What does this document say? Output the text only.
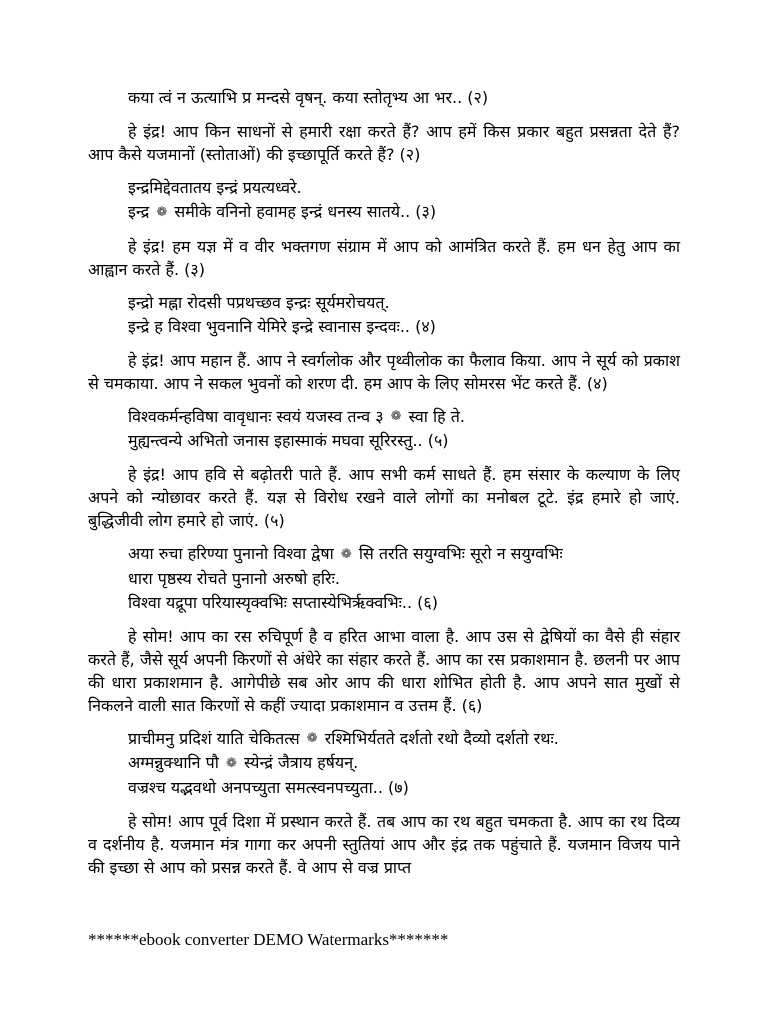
कया त्वं न ऊत्याभि प्र मन्दसे वृषन्. कया स्तोतृभ्य आ भर.. (२)
हे इंद्र! आप किन साधनों से हमारी रक्षा करते हैं? आप हमें किस प्रकार बहुत प्रसन्नता देते हैं? आप कैसे यजमानों (स्तोताओं) की इच्छापूर्ति करते हैं? (२)
इन्द्रमिद्देवतातय इन्द्रं प्रयत्यध्वरे.
इन्द्र ❁ समीके वनिनो हवामह इन्द्रं धनस्य सातये.. (३)
हे इंद्र! हम यज्ञ में व वीर भक्तगण संग्राम में आप को आमंत्रित करते हैं. हम धन हेतु आप का आह्वान करते हैं. (३)
इन्द्रो मह्ना रोदसी पप्रथच्छव इन्द्रः सूर्यमरोचयत्.
इन्द्रे ह विश्वा भुवनानि येमिरे इन्द्रे स्वानास इन्दवः.. (४)
हे इंद्र! आप महान हैं. आप ने स्वर्गलोक और पृथ्वीलोक का फैलाव किया. आप ने सूर्य को प्रकाश से चमकाया. आप ने सकल भुवनों को शरण दी. हम आप के लिए सोमरस भेंट करते हैं. (४)
विश्वकर्मन्हविषा वावृधानः स्वयं यजस्व तन्व ३ ❁ स्वा हि ते.
मुह्यन्त्वन्ये अभितो जनास इहास्माकं मघवा सूरिरस्तु.. (५)
हे इंद्र! आप हवि से बढ़ोतरी पाते हैं. आप सभी कर्म साधते हैं. हम संसार के कल्याण के लिए अपने को न्योछावर करते हैं. यज्ञ से विरोध रखने वाले लोगों का मनोबल टूटे. इंद्र हमारे हो जाएं. बुद्धिजीवी लोग हमारे हो जाएं. (५)
अया रुचा हरिण्या पुनानो विश्वा द्वेषा ❁ सि तरति सयुग्वभिः सूरो न सयुग्वभिः
धारा पृष्ठस्य रोचते पुनानो अरुषो हरिः.
विश्वा यद्रूपा परियास्यृक्वभिः सप्तास्येभिर्ऋक्वभिः.. (६)
हे सोम! आप का रस रुचिपूर्ण है व हरित आभा वाला है. आप उस से द्वेषियों का वैसे ही संहार करते हैं, जैसे सूर्य अपनी किरणों से अंधेरे का संहार करते हैं. आप का रस प्रकाशमान है. छलनी पर आप की धारा प्रकाशमान है. आगेपीछे सब ओर आप की धारा शोभित होती है. आप अपने सात मुखों से निकलने वाली सात किरणों से कहीं ज्यादा प्रकाशमान व उत्तम हैं. (६)
प्राचीमनु प्रदिशं याति चेकितत्स ❁ रश्मिभिर्यतते दर्शतो रथो दैव्यो दर्शतो रथः.
अग्मन्नुक्थानि पौ ❁ स्येन्द्रं जैत्राय हर्षयन्.
वज्रश्च यद्भवथो अनपच्युता समत्स्वनपच्युता.. (७)
हे सोम! आप पूर्व दिशा में प्रस्थान करते हैं. तब आप का रथ बहुत चमकता है. आप का रथ दिव्य व दर्शनीय है. यजमान मंत्र गागा कर अपनी स्तुतियां आप और इंद्र तक पहुंचाते हैं. यजमान विजय पाने की इच्छा से आप को प्रसन्न करते हैं. वे आप से वज्र प्राप्त
******ebook converter DEMO Watermarks*******
